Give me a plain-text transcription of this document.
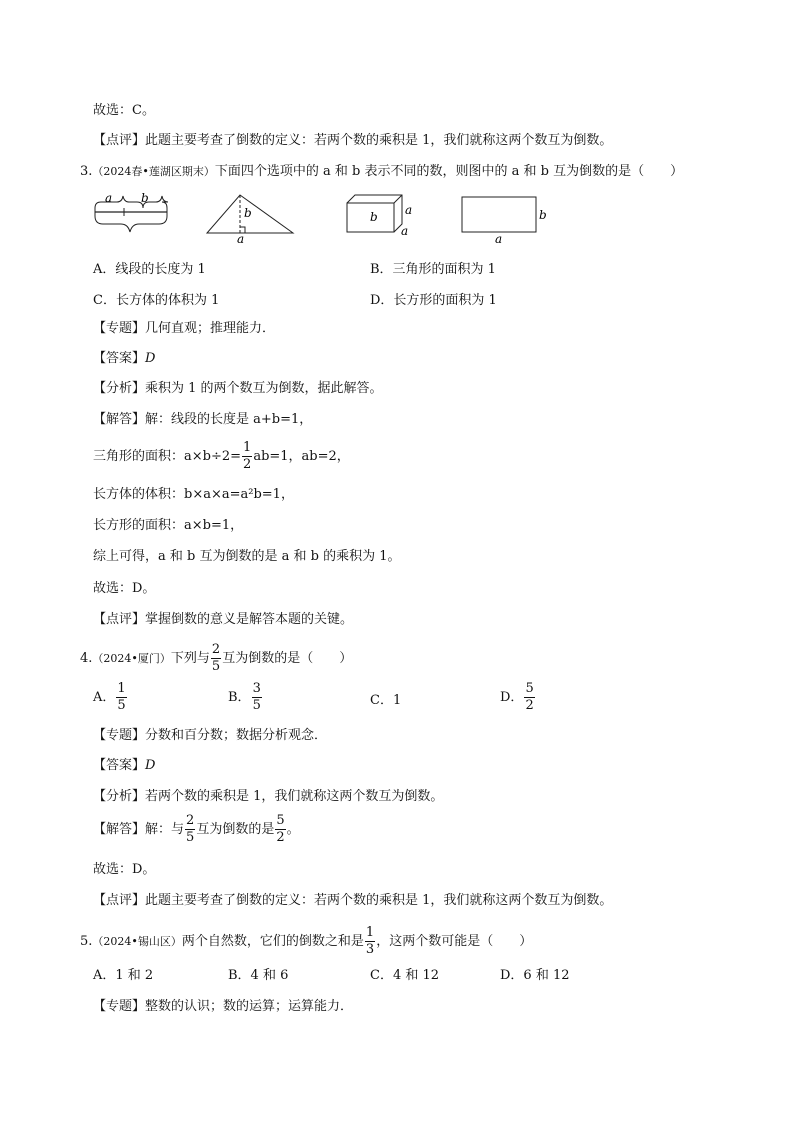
故选：C。
【点评】此题主要考查了倒数的定义：若两个数的乘积是 1，我们就称这两个数互为倒数。
3.（2024春•莲湖区期末）下面四个选项中的 a 和 b 表示不同的数，则图中的 a 和 b 互为倒数的是（　　）
a b
b
a
b a
a
b
a
A．线段的长度为 1	B．三角形的面积为 1
C．长方体的体积为 1	D．长方形的面积为 1
【专题】几何直观；推理能力．
【答案】D
【分析】乘积为 1 的两个数互为倒数，据此解答。
【解答】解：线段的长度是 a+b=1，
三角形的面积：$a\times b\div 2= \frac{1}{2} ab=1$，ab=2，
长方体的体积：b×a×a=a²b=1，
长方形的面积：a×b=1，
综上可得，a 和 b 互为倒数的是 a 和 b 的乘积为 1。
故选：D。
【点评】掌握倒数的意义是解答本题的关键。
4.（2024•厦门）下列与 $\frac{2}{5}$ 互为倒数的是（　　）
A． $\frac{1}{5}$	B． $\frac{3}{5}$	C．1	D． $\frac{5}{2}$
【专题】分数和百分数；数据分析观念．
【答案】D
【分析】若两个数的乘积是 1，我们就称这两个数互为倒数。
【解答】解：与 $\frac{2}{5}$ 互为倒数的是 $\frac{5}{2}$ 。
故选：D。
【点评】此题主要考查了倒数的定义：若两个数的乘积是 1，我们就称这两个数互为倒数。
5.（2024•锡山区）两个自然数，它们的倒数之和是 $\frac{1}{3}$ ，这两个数可能是（　　）
A．1 和 2	B．4 和 6	C．4 和 12	D．6 和 12
【专题】整数的认识；数的运算；运算能力．
